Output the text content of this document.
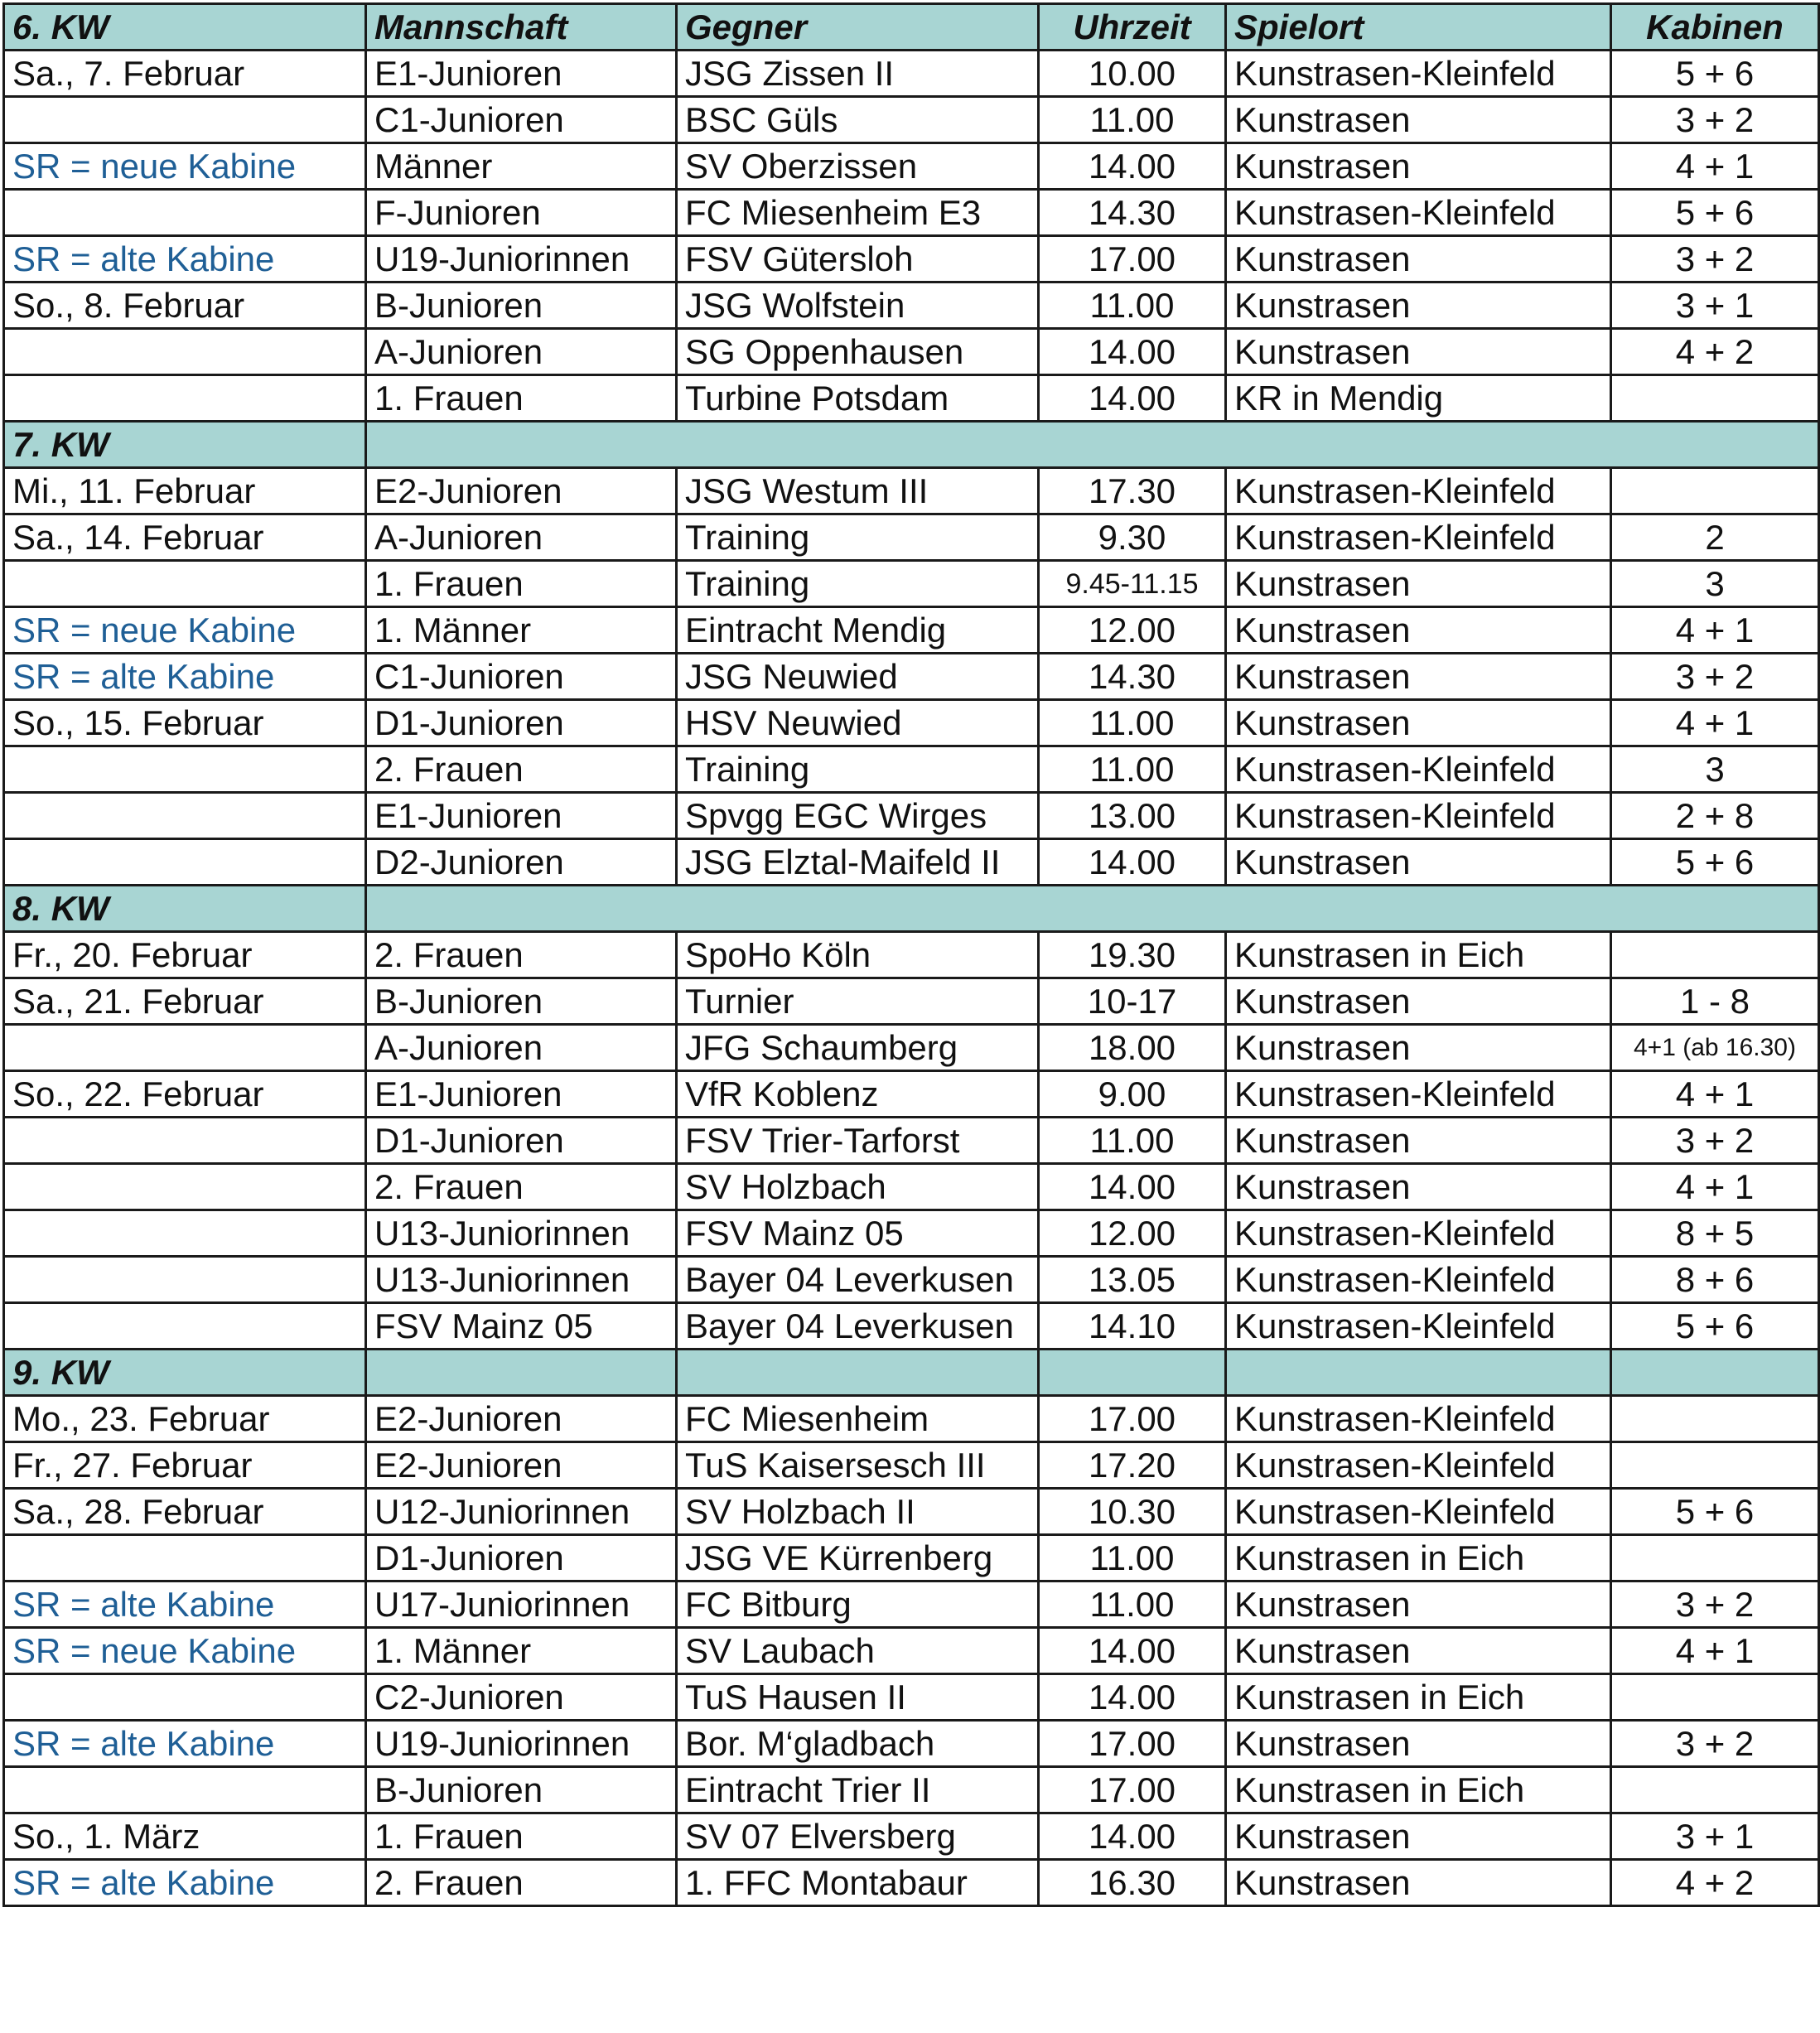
6. KW	Mannschaft	Gegner	Uhrzeit	Spielort	Kabinen
Sa., 7. Februar	E1-Junioren	JSG Zissen II	10.00	Kunstrasen-Kleinfeld	5 + 6
	C1-Junioren	BSC Güls	11.00	Kunstrasen	3 + 2
SR = neue Kabine	Männer	SV Oberzissen	14.00	Kunstrasen	4 + 1
	F-Junioren	FC Miesenheim E3	14.30	Kunstrasen-Kleinfeld	5 + 6
SR = alte Kabine	U19-Juniorinnen	FSV Gütersloh	17.00	Kunstrasen	3 + 2
So., 8. Februar	B-Junioren	JSG Wolfstein	11.00	Kunstrasen	3 + 1
	A-Junioren	SG Oppenhausen	14.00	Kunstrasen	4 + 2
	1. Frauen	Turbine Potsdam	14.00	KR in Mendig	
7. KW					
Mi., 11. Februar	E2-Junioren	JSG Westum III	17.30	Kunstrasen-Kleinfeld	
Sa., 14. Februar	A-Junioren	Training	9.30	Kunstrasen-Kleinfeld	2
	1. Frauen	Training	9.45-11.15	Kunstrasen	3
SR = neue Kabine	1. Männer	Eintracht Mendig	12.00	Kunstrasen	4 + 1
SR = alte Kabine	C1-Junioren	JSG Neuwied	14.30	Kunstrasen	3 + 2
So., 15. Februar	D1-Junioren	HSV Neuwied	11.00	Kunstrasen	4 + 1
	2. Frauen	Training	11.00	Kunstrasen-Kleinfeld	3
	E1-Junioren	Spvgg EGC Wirges	13.00	Kunstrasen-Kleinfeld	2 + 8
	D2-Junioren	JSG Elztal-Maifeld II	14.00	Kunstrasen	5 + 6
8. KW					
Fr., 20. Februar	2. Frauen	SpoHo Köln	19.30	Kunstrasen in Eich	
Sa., 21. Februar	B-Junioren	Turnier	10-17	Kunstrasen	1 - 8
	A-Junioren	JFG Schaumberg	18.00	Kunstrasen	4+1 (ab 16.30)
So., 22. Februar	E1-Junioren	VfR Koblenz	9.00	Kunstrasen-Kleinfeld	4 + 1
	D1-Junioren	FSV Trier-Tarforst	11.00	Kunstrasen	3 + 2
	2. Frauen	SV Holzbach	14.00	Kunstrasen	4 + 1
	U13-Juniorinnen	FSV Mainz 05	12.00	Kunstrasen-Kleinfeld	8 + 5
	U13-Juniorinnen	Bayer 04 Leverkusen	13.05	Kunstrasen-Kleinfeld	8 + 6
	FSV Mainz 05	Bayer 04 Leverkusen	14.10	Kunstrasen-Kleinfeld	5 + 6
9. KW					
Mo., 23. Februar	E2-Junioren	FC Miesenheim	17.00	Kunstrasen-Kleinfeld	
Fr., 27. Februar	E2-Junioren	TuS Kaisersesch III	17.20	Kunstrasen-Kleinfeld	
Sa., 28. Februar	U12-Juniorinnen	SV Holzbach II	10.30	Kunstrasen-Kleinfeld	5 + 6
	D1-Junioren	JSG VE Kürrenberg	11.00	Kunstrasen in Eich	
SR = alte Kabine	U17-Juniorinnen	FC Bitburg	11.00	Kunstrasen	3 + 2
SR = neue Kabine	1. Männer	SV Laubach	14.00	Kunstrasen	4 + 1
	C2-Junioren	TuS Hausen II	14.00	Kunstrasen in Eich	
SR = alte Kabine	U19-Juniorinnen	Bor. M‘gladbach	17.00	Kunstrasen	3 + 2
	B-Junioren	Eintracht Trier II	17.00	Kunstrasen in Eich	
So., 1. März	1. Frauen	SV 07 Elversberg	14.00	Kunstrasen	3 + 1
SR = alte Kabine	2. Frauen	1. FFC Montabaur	16.30	Kunstrasen	4 + 2
